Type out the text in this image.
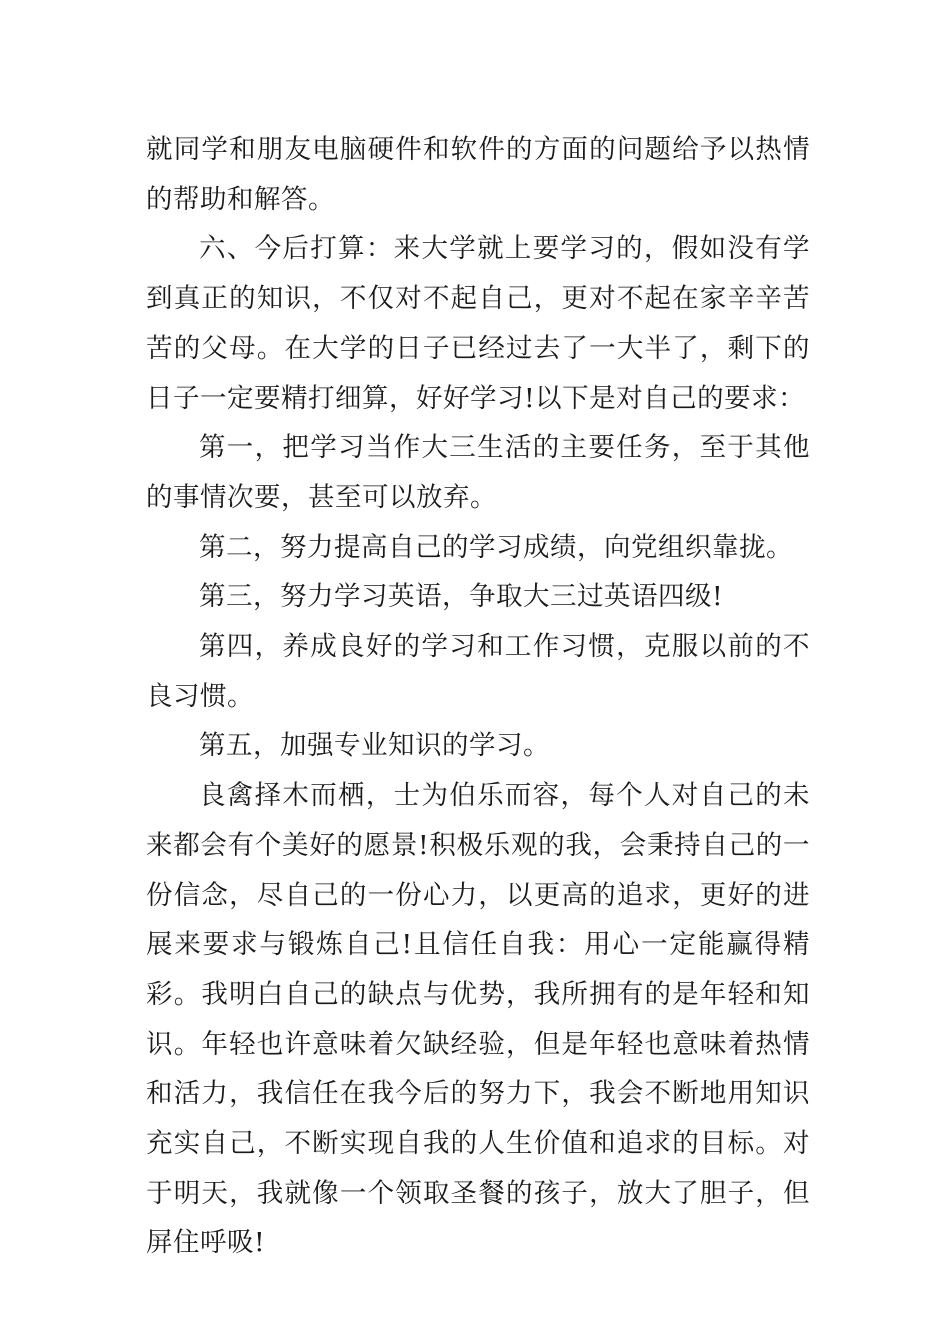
就同学和朋友电脑硬件和软件的方面的问题给予以热情的帮助和解答。

六、今后打算：来大学就上要学习的，假如没有学到真正的知识，不仅对不起自己，更对不起在家辛辛苦苦的父母。在大学的日子已经过去了一大半了，剩下的日子一定要精打细算，好好学习!以下是对自己的要求：

第一，把学习当作大三生活的主要任务，至于其他的事情次要，甚至可以放弃。

第二，努力提高自己的学习成绩，向党组织靠拢。

第三，努力学习英语，争取大三过英语四级!

第四，养成良好的学习和工作习惯，克服以前的不良习惯。

第五，加强专业知识的学习。

良禽择木而栖，士为伯乐而容，每个人对自己的未来都会有个美好的愿景!积极乐观的我，会秉持自己的一份信念，尽自己的一份心力，以更高的追求，更好的进展来要求与锻炼自己!且信任自我：用心一定能赢得精彩。我明白自己的缺点与优势，我所拥有的是年轻和知识。年轻也许意味着欠缺经验，但是年轻也意味着热情和活力，我信任在我今后的努力下，我会不断地用知识充实自己，不断实现自我的人生价值和追求的目标。对于明天，我就像一个领取圣餐的孩子，放大了胆子，但屏住呼吸!
